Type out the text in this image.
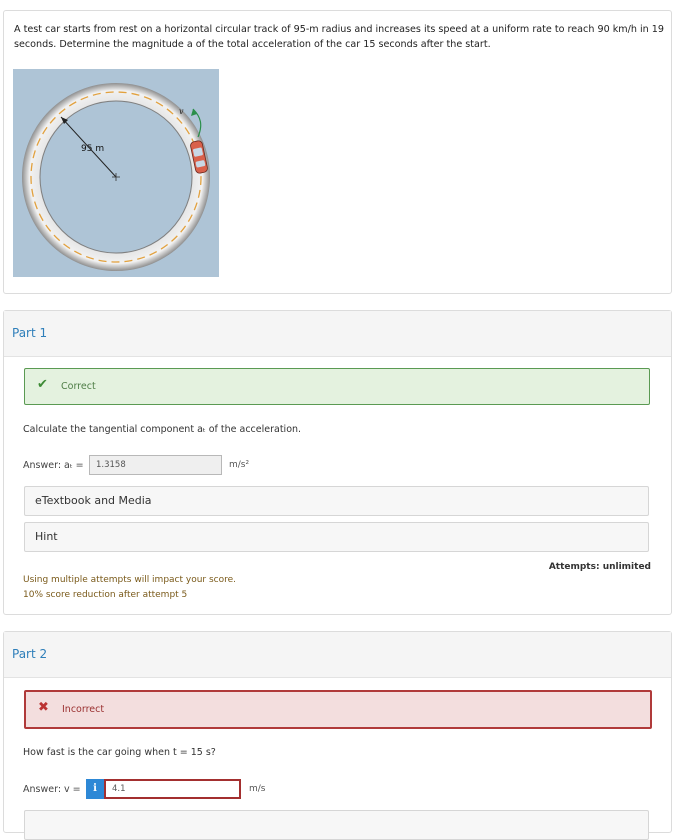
A test car starts from rest on a horizontal circular track of 95-m radius and increases its speed at a uniform rate to reach 90 km/h in 19 seconds. Determine the magnitude a of the total acceleration of the car 15 seconds after the start.
95 m
v
Part 1
✔ Correct
Calculate the tangential component aₜ of the acceleration.
Answer: aₜ =
1.3158	m/s²
eTextbook and Media
Hint
Attempts: unlimited
Using multiple attempts will impact your score.
10% score reduction after attempt 5
Part 2
✖ Incorrect
How fast is the car going when t = 15 s?
Answer: v =	i
4.1	m/s
